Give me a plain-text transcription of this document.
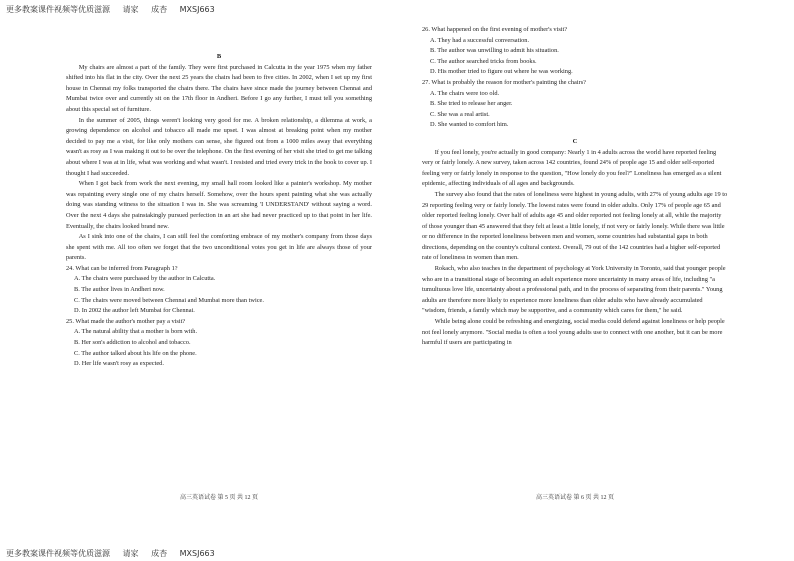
更多教案课件视频等优质滋源 请家 成杏 MXSJ663

B

My chairs are almost a part of the family. They were first purchased in Calcutta in the year 1975 when my father shifted into his flat in the city. Over the next 25 years the chairs had been to five cities. In 2002, when I set up my first house in Chennai my folks transported the chairs there. The chairs have since made the journey between Chennai and Mumbai twice over and currently sit on the 17th floor in Andheri. Before I go any further, I must tell you something about this special set of furniture.

In the summer of 2005, things weren't looking very good for me. A broken relationship, a dilemma at work, a growing dependence on alcohol and tobacco all made me upset. I was almost at breaking point when my mother decided to pay me a visit, for like only mothers can sense, she figured out from a 1000 miles away that everything wasn't as rosy as I was making it out to be over the telephone. On the first evening of her visit she tried to get me talking about where I was at in life, what was working and what wasn't. I resisted and tried every trick in the book to cover up. I thought I had succeeded.

When I got back from work the next evening, my small hall room looked like a painter's workshop. My mother was repainting every single one of my chairs herself. Somehow, over the hours spent painting what she was actually doing was standing witness to the situation I was in. She was screaming 'I UNDERSTAND' without saying a word. Over the next 4 days she painstakingly pursued perfection in an art she had never practiced up to that point in her life. Eventually, the chairs looked brand new.

As I sink into one of the chairs, I can still feel the comforting embrace of my mother's company from those days she spent with me. All too often we forget that the two unconditional votes you get in life are always those of your parents.

24. What can be inferred from Paragraph 1?

A. The chairs were purchased by the author in Calcutta.

B. The author lives in Andheri now.

C. The chairs were moved between Chennai and Mumbai more than twice.

D. In 2002 the author left Mumbai for Chennai.

25. What made the author's mother pay a visit?

A. The natural ability that a mother is born with.

B. Her son's addiction to alcohol and tobacco.

C. The author talked about his life on the phone.

D. Her life wasn't rosy as expected.

高三英语试卷 第 5 页 共 12 页

26. What happened on the first evening of mother's visit?

A. They had a successful conversation.

B. The author was unwilling to admit his situation.

C. The author searched tricks from books.

D. His mother tried to figure out where he was working.

27. What is probably the reason for mother's painting the chairs?

A. The chairs were too old.

B. She tried to release her anger.

C. She was a real artist.

D. She wanted to comfort him.

C

If you feel lonely, you're actually in good company: Nearly 1 in 4 adults across the world have reported feeling very or fairly lonely. A new survey, taken across 142 countries, found 24% of people age 15 and older self-reported feeling very or fairly lonely in response to the question, "How lonely do you feel?" Loneliness has emerged as a silent epidemic, affecting individuals of all ages and backgrounds.

The survey also found that the rates of loneliness were highest in young adults, with 27% of young adults age 19 to 29 reporting feeling very or fairly lonely. The lowest rates were found in older adults. Only 17% of people age 65 and older reported feeling lonely. Over half of adults age 45 and older reported not feeling lonely at all, while the majority of those younger than 45 answered that they felt at least a little lonely, if not very or fairly lonely. While there was little or no difference in the reported loneliness between men and women, some countries had substantial gaps in both directions, depending on the country's cultural context. Overall, 79 out of the 142 countries had a higher self-reported rate of loneliness in women than men.

Rokach, who also teaches in the department of psychology at York University in Toronto, said that younger people who are in a transitional stage of becoming an adult experience more uncertainty in many areas of life, including "a tumultuous love life, uncertainty about a professional path, and in the process of separating from their parents." Young adults are therefore more likely to experience more loneliness than older adults who have already accumulated "wisdom, friends, a family which may be supportive, and a community which cares for them," he said.

While being alone could be refreshing and energizing, social media could defend against loneliness or help people not feel lonely anymore. "Social media is often a tool young adults use to connect with one another, but it can be more harmful if users are participating in

高三英语试卷 第 6 页 共 12 页
更多教案课件视频等优质滋源 请家 成杏 MXSJ663
